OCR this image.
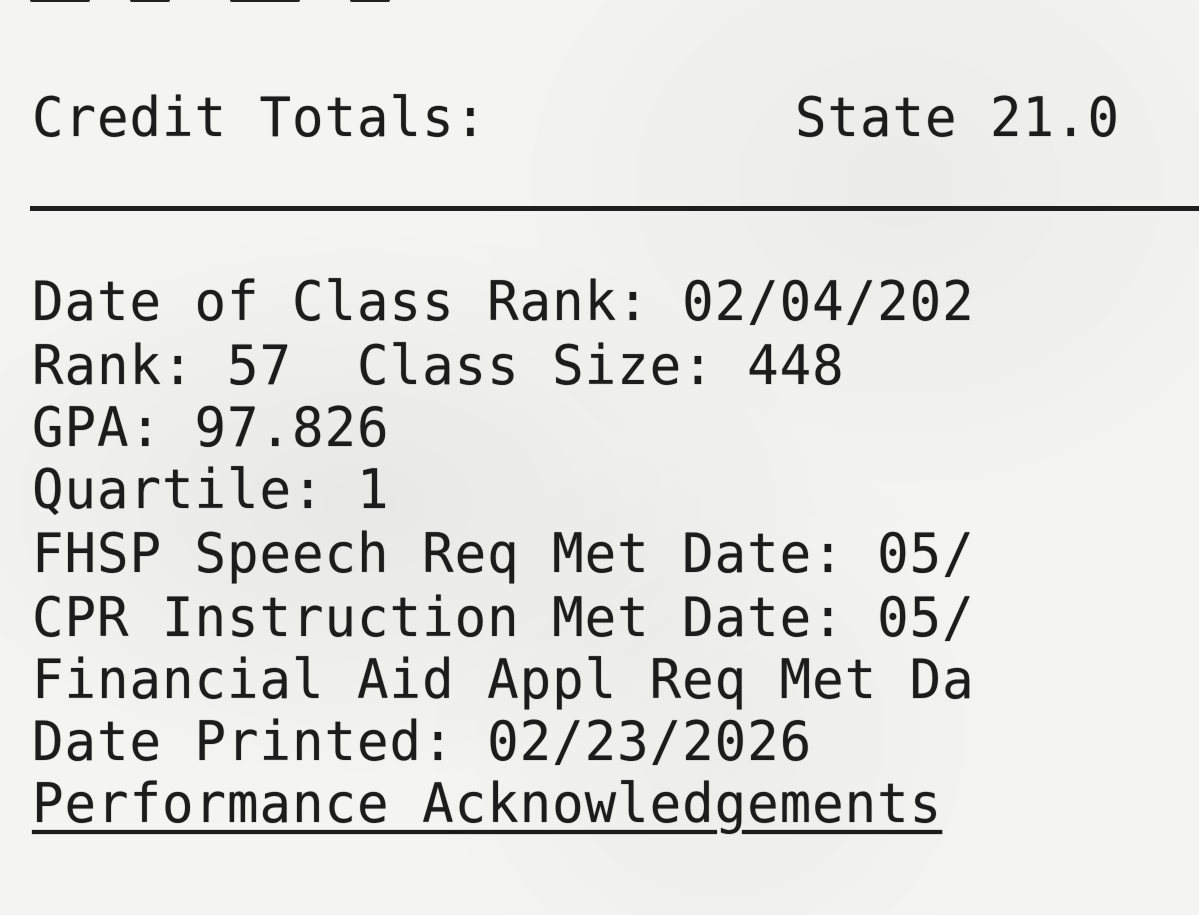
Credit Totals:	State 21.0
Date of Class Rank: 02/04/202
Rank: 57  Class Size: 448
GPA: 97.826
Quartile: 1
FHSP Speech Req Met Date: 05/
CPR Instruction Met Date: 05/
Financial Aid Appl Req Met Da
Date Printed: 02/23/2026
Performance Acknowledgements
